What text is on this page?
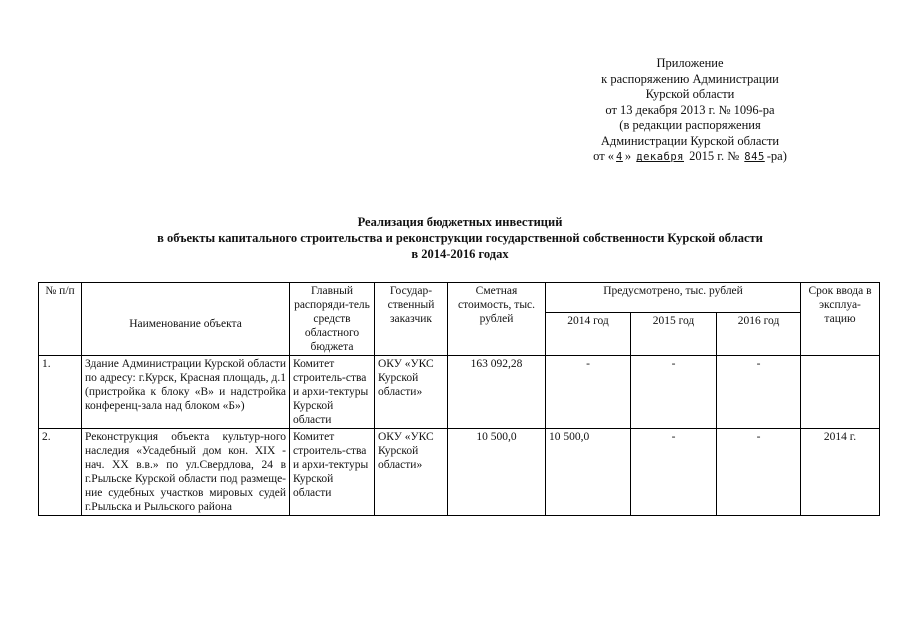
Приложение
к распоряжению Администрации
Курской области
от 13 декабря 2013 г. № 1096-ра
(в редакции распоряжения
Администрации Курской области
от « 4 » декабря 2015 г. № 845 -ра)
Реализация бюджетных инвестиций
в объекты капитального строительства и реконструкции государственной собственности Курской области
в 2014-2016 годах
№ п/п	Наименование объекта	Главный распоряди-тель средств областного бюджета	Государ-ственный заказчик	Сметная стоимость, тыс. рублей	Предусмотрено, тыс. рублей			Срок ввода в эксплуа-тацию
					2014 год	2015 год	2016 год	
1.	Здание Администрации Курской области по адресу: г.Курск, Красная площадь, д.1 (пристройка к блоку «В» и надстройка конференц-зала над блоком «Б»)	Комитет строитель-ства и архи-тектуры Курской области	ОКУ «УКС Курской области»	163 092,28	-	-	-	
2.	Реконструкция объекта культур-ного наследия «Усадебный дом кон. XIX - нач. XX в.в.» по ул.Свердлова, 24 в г.Рыльске Курской области под размеще-ние судебных участков мировых судей г.Рыльска и Рыльского района	Комитет строитель-ства и архи-тектуры Курской области	ОКУ «УКС Курской области»	10 500,0	10 500,0	-	-	2014 г.
